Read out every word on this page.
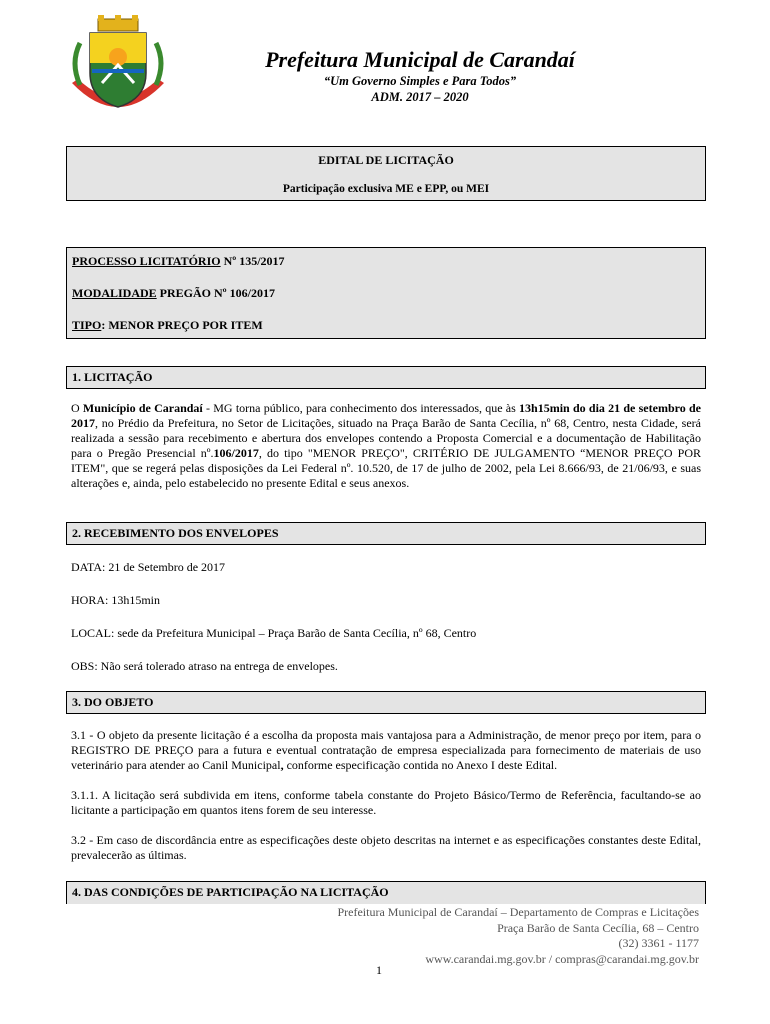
Prefeitura Municipal de Carandaí
“Um Governo Simples e Para Todos”
ADM. 2017 – 2020
EDITAL DE LICITAÇÃO
Participação exclusiva ME e EPP, ou MEI
PROCESSO LICITATÓRIO Nº 135/2017
MODALIDADE PREGÃO Nº 106/2017
TIPO: MENOR PREÇO POR ITEM
1. LICITAÇÃO
O Município de Carandaí - MG torna público, para conhecimento dos interessados, que às 13h15min do dia 21 de setembro de 2017, no Prédio da Prefeitura, no Setor de Licitações, situado na Praça Barão de Santa Cecília, nº 68, Centro, nesta Cidade, será realizada a sessão para recebimento e abertura dos envelopes contendo a Proposta Comercial e a documentação de Habilitação para o Pregão Presencial nº.106/2017, do tipo "MENOR PREÇO", CRITÉRIO DE JULGAMENTO “MENOR PREÇO POR ITEM", que se regerá pelas disposições da Lei Federal nº. 10.520, de 17 de julho de 2002, pela Lei 8.666/93, de 21/06/93, e suas alterações e, ainda, pelo estabelecido no presente Edital e seus anexos.
2. RECEBIMENTO DOS ENVELOPES
DATA: 21 de Setembro de 2017
HORA: 13h15min
LOCAL: sede da Prefeitura Municipal – Praça Barão de Santa Cecília, nº 68, Centro
OBS: Não será tolerado atraso na entrega de envelopes.
3. DO OBJETO
3.1 - O objeto da presente licitação é a escolha da proposta mais vantajosa para a Administração, de menor preço por item, para o REGISTRO DE PREÇO para a futura e eventual contratação de empresa especializada para fornecimento de materiais de uso veterinário para atender ao Canil Municipal, conforme especificação contida no Anexo I deste Edital.
3.1.1. A licitação será subdivida em itens, conforme tabela constante do Projeto Básico/Termo de Referência, facultando-se ao licitante a participação em quantos itens forem de seu interesse.
3.2 - Em caso de discordância entre as especificações deste objeto descritas na internet e as especificações constantes deste Edital, prevalecerão as últimas.
4. DAS CONDIÇÕES DE PARTICIPAÇÃO NA LICITAÇÃO
Prefeitura Municipal de Carandaí – Departamento de Compras e Licitações
Praça Barão de Santa Cecília, 68 – Centro
(32) 3361 - 1177
www.carandai.mg.gov.br / compras@carandai.mg.gov.br
1
